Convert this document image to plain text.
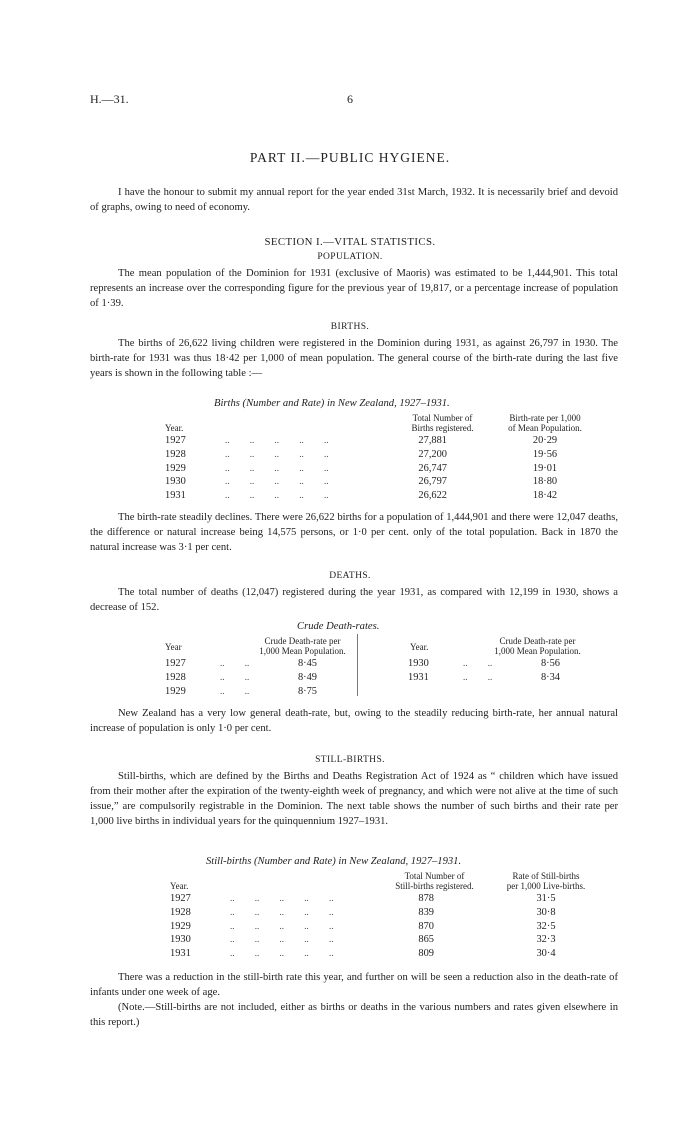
H.—31.	6
PART II.—PUBLIC HYGIENE.
I have the honour to submit my annual report for the year ended 31st March, 1932. It is necessarily brief and devoid of graphs, owing to need of economy.
SECTION I.—VITAL STATISTICS.
POPULATION.
The mean population of the Dominion for 1931 (exclusive of Maoris) was estimated to be 1,444,901. This total represents an increase over the corresponding figure for the previous year of 19,817, or a percentage increase of population of 1·39.
BIRTHS.
The births of 26,622 living children were registered in the Dominion during 1931, as against 26,797 in 1930. The birth-rate for 1931 was thus 18·42 per 1,000 of mean population. The general course of the birth-rate during the last five years is shown in the following table :—
Births (Number and Rate) in New Zealand, 1927–1931.
Year.
Total Number of
Births registered.
Birth-rate per 1,000
of Mean Population.
1927	..         ..         ..         ..         ..	27,881	20·29
1928	..         ..         ..         ..         ..	27,200	19·56
1929	..         ..         ..         ..         ..	26,747	19·01
1930	..         ..         ..         ..         ..	26,797	18·80
1931	..         ..         ..         ..         ..	26,622	18·42
The birth-rate steadily declines. There were 26,622 births for a population of 1,444,901 and there were 12,047 deaths, the difference or natural increase being 14,575 persons, or 1·0 per cent. only of the total population. Back in 1870 the natural increase was 3·1 per cent.
DEATHS.
The total number of deaths (12,047) registered during the year 1931, as compared with 12,199 in 1930, shows a decrease of 152.
Crude Death-rates.
Year
Crude Death-rate per
1,000 Mean Population.	Year.
Crude Death-rate per
1,000 Mean Population.
1927	..         ..	8·45
1928	..         ..	8·49
1929	..         ..	8·75
1930	..         ..	8·56
1931	..         ..	8·34
New Zealand has a very low general death-rate, but, owing to the steadily reducing birth-rate, her annual natural increase of population is only 1·0 per cent.
STILL-BIRTHS.
Still-births, which are defined by the Births and Deaths Registration Act of 1924 as “ children which have issued from their mother after the expiration of the twenty-eighth week of pregnancy, and which were not alive at the time of such issue,” are compulsorily registrable in the Dominion. The next table shows the number of such births and their rate per 1,000 live births in individual years for the quinquennium 1927–1931.
Still-births (Number and Rate) in New Zealand, 1927–1931.
Year.
Total Number of
Still-births registered.
Rate of Still-births
per 1,000 Live-births.
1927	..         ..         ..         ..         ..	878	31·5
1928	..         ..         ..         ..         ..	839	30·8
1929	..         ..         ..         ..         ..	870	32·5
1930	..         ..         ..         ..         ..	865	32·3
1931	..         ..         ..         ..         ..	809	30·4
There was a reduction in the still-birth rate this year, and further on will be seen a reduction also in the death-rate of infants under one week of age.
(Note.—Still-births are not included, either as births or deaths in the various numbers and rates given elsewhere in this report.)
